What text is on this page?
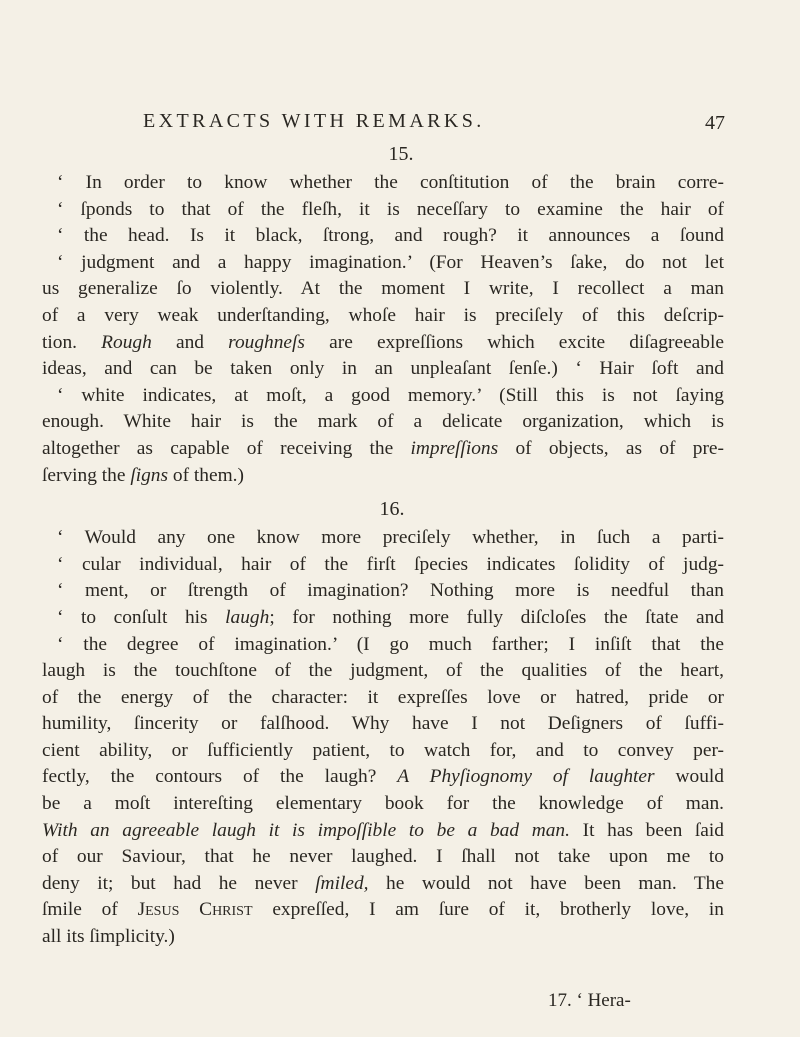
EXTRACTS WITH REMARKS.	47
15.

‘ In order to know whether the conſtitution of the brain corre-

‘ ſponds to that of the fleſh, it is neceſſary to examine the hair of

‘ the head. Is it black, ſtrong, and rough? it announces a ſound

‘ judgment and a happy imagination.’ (For Heaven’s ſake, do not let

us generalize ſo violently. At the moment I write, I recollect a man

of a very weak underſtanding, whoſe hair is preciſely of this deſcrip-

tion. Rough and roughneſs are expreſſions which excite diſagreeable

ideas, and can be taken only in an unpleaſant ſenſe.) ‘ Hair ſoft and

‘ white indicates, at moſt, a good memory.’ (Still this is not ſaying

enough. White hair is the mark of a delicate organization, which is

altogether as capable of receiving the impreſſions of objects, as of pre-

ſerving the ſigns of them.)

16.

‘ Would any one know more preciſely whether, in ſuch a parti-

‘ cular individual, hair of the firſt ſpecies indicates ſolidity of judg-

‘ ment, or ſtrength of imagination? Nothing more is needful than

‘ to conſult his laugh; for nothing more fully diſcloſes the ſtate and

‘ the degree of imagination.’ (I go much farther; I inſiſt that the

laugh is the touchſtone of the judgment, of the qualities of the heart,

of the energy of the character: it expreſſes love or hatred, pride or

humility, ſincerity or falſhood. Why have I not Deſigners of ſuffi-

cient ability, or ſufficiently patient, to watch for, and to convey per-

fectly, the contours of the laugh? A Phyſiognomy of laughter would

be a moſt intereſting elementary book for the knowledge of man.

With an agreeable laugh it is impoſſible to be a bad man. It has been ſaid

of our Saviour, that he never laughed. I ſhall not take upon me to

deny it; but had he never ſmiled, he would not have been man. The

ſmile of Jesus Christ expreſſed, I am ſure of it, brotherly love, in

all its ſimplicity.)

17. ‘ Hera-
